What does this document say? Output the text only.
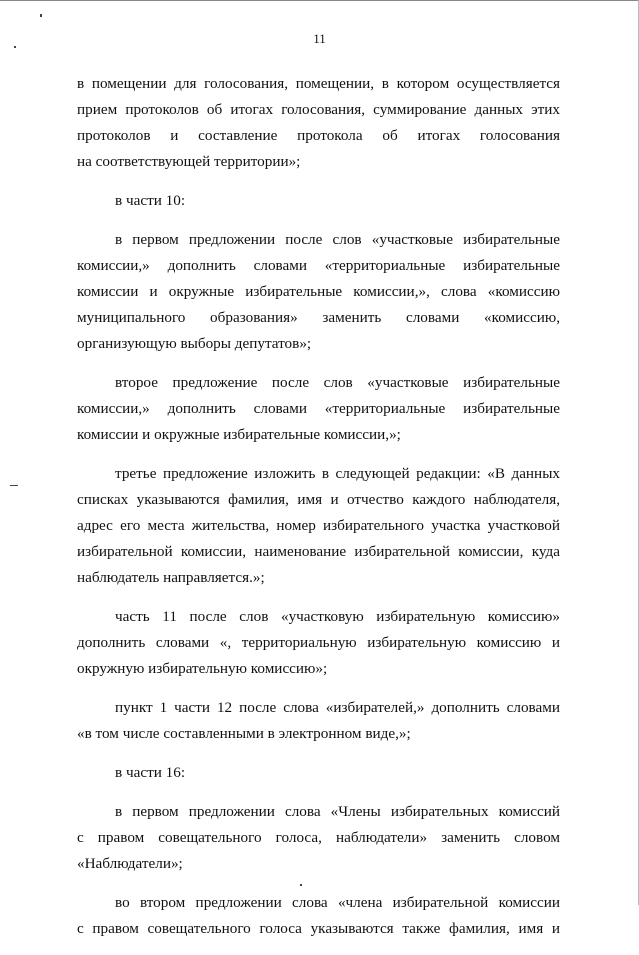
11
в помещении для голосования, помещении, в котором осуществляется
прием протоколов об итогах голосования, суммирование данных этих
протоколов и составление протокола об итогах голосования
на соответствующей территории»;
в части 10:
в первом предложении после слов «участковые избирательные
комиссии,» дополнить словами «территориальные избирательные
комиссии и окружные избирательные комиссии,», слова «комиссию
муниципального образования» заменить словами «комиссию,
организующую выборы депутатов»;
второе предложение после слов «участковые избирательные
комиссии,» дополнить словами «территориальные избирательные
комиссии и окружные избирательные комиссии,»;
третье предложение изложить в следующей редакции: «В данных
списках указываются фамилия, имя и отчество каждого наблюдателя,
адрес его места жительства, номер избирательного участка участковой
избирательной комиссии, наименование избирательной комиссии, куда
наблюдатель направляется.»;
часть 11 после слов «участковую избирательную комиссию»
дополнить словами «, территориальную избирательную комиссию и
окружную избирательную комиссию»;
пункт 1 части 12 после слова «избирателей,» дополнить словами
«в том числе составленными в электронном виде,»;
в части 16:
в первом предложении слова «Члены избирательных комиссий
с правом совещательного голоса, наблюдатели» заменить словом
«Наблюдатели»;
во втором предложении слова «члена избирательной комиссии
с правом совещательного голоса указываются также фамилия, имя и
